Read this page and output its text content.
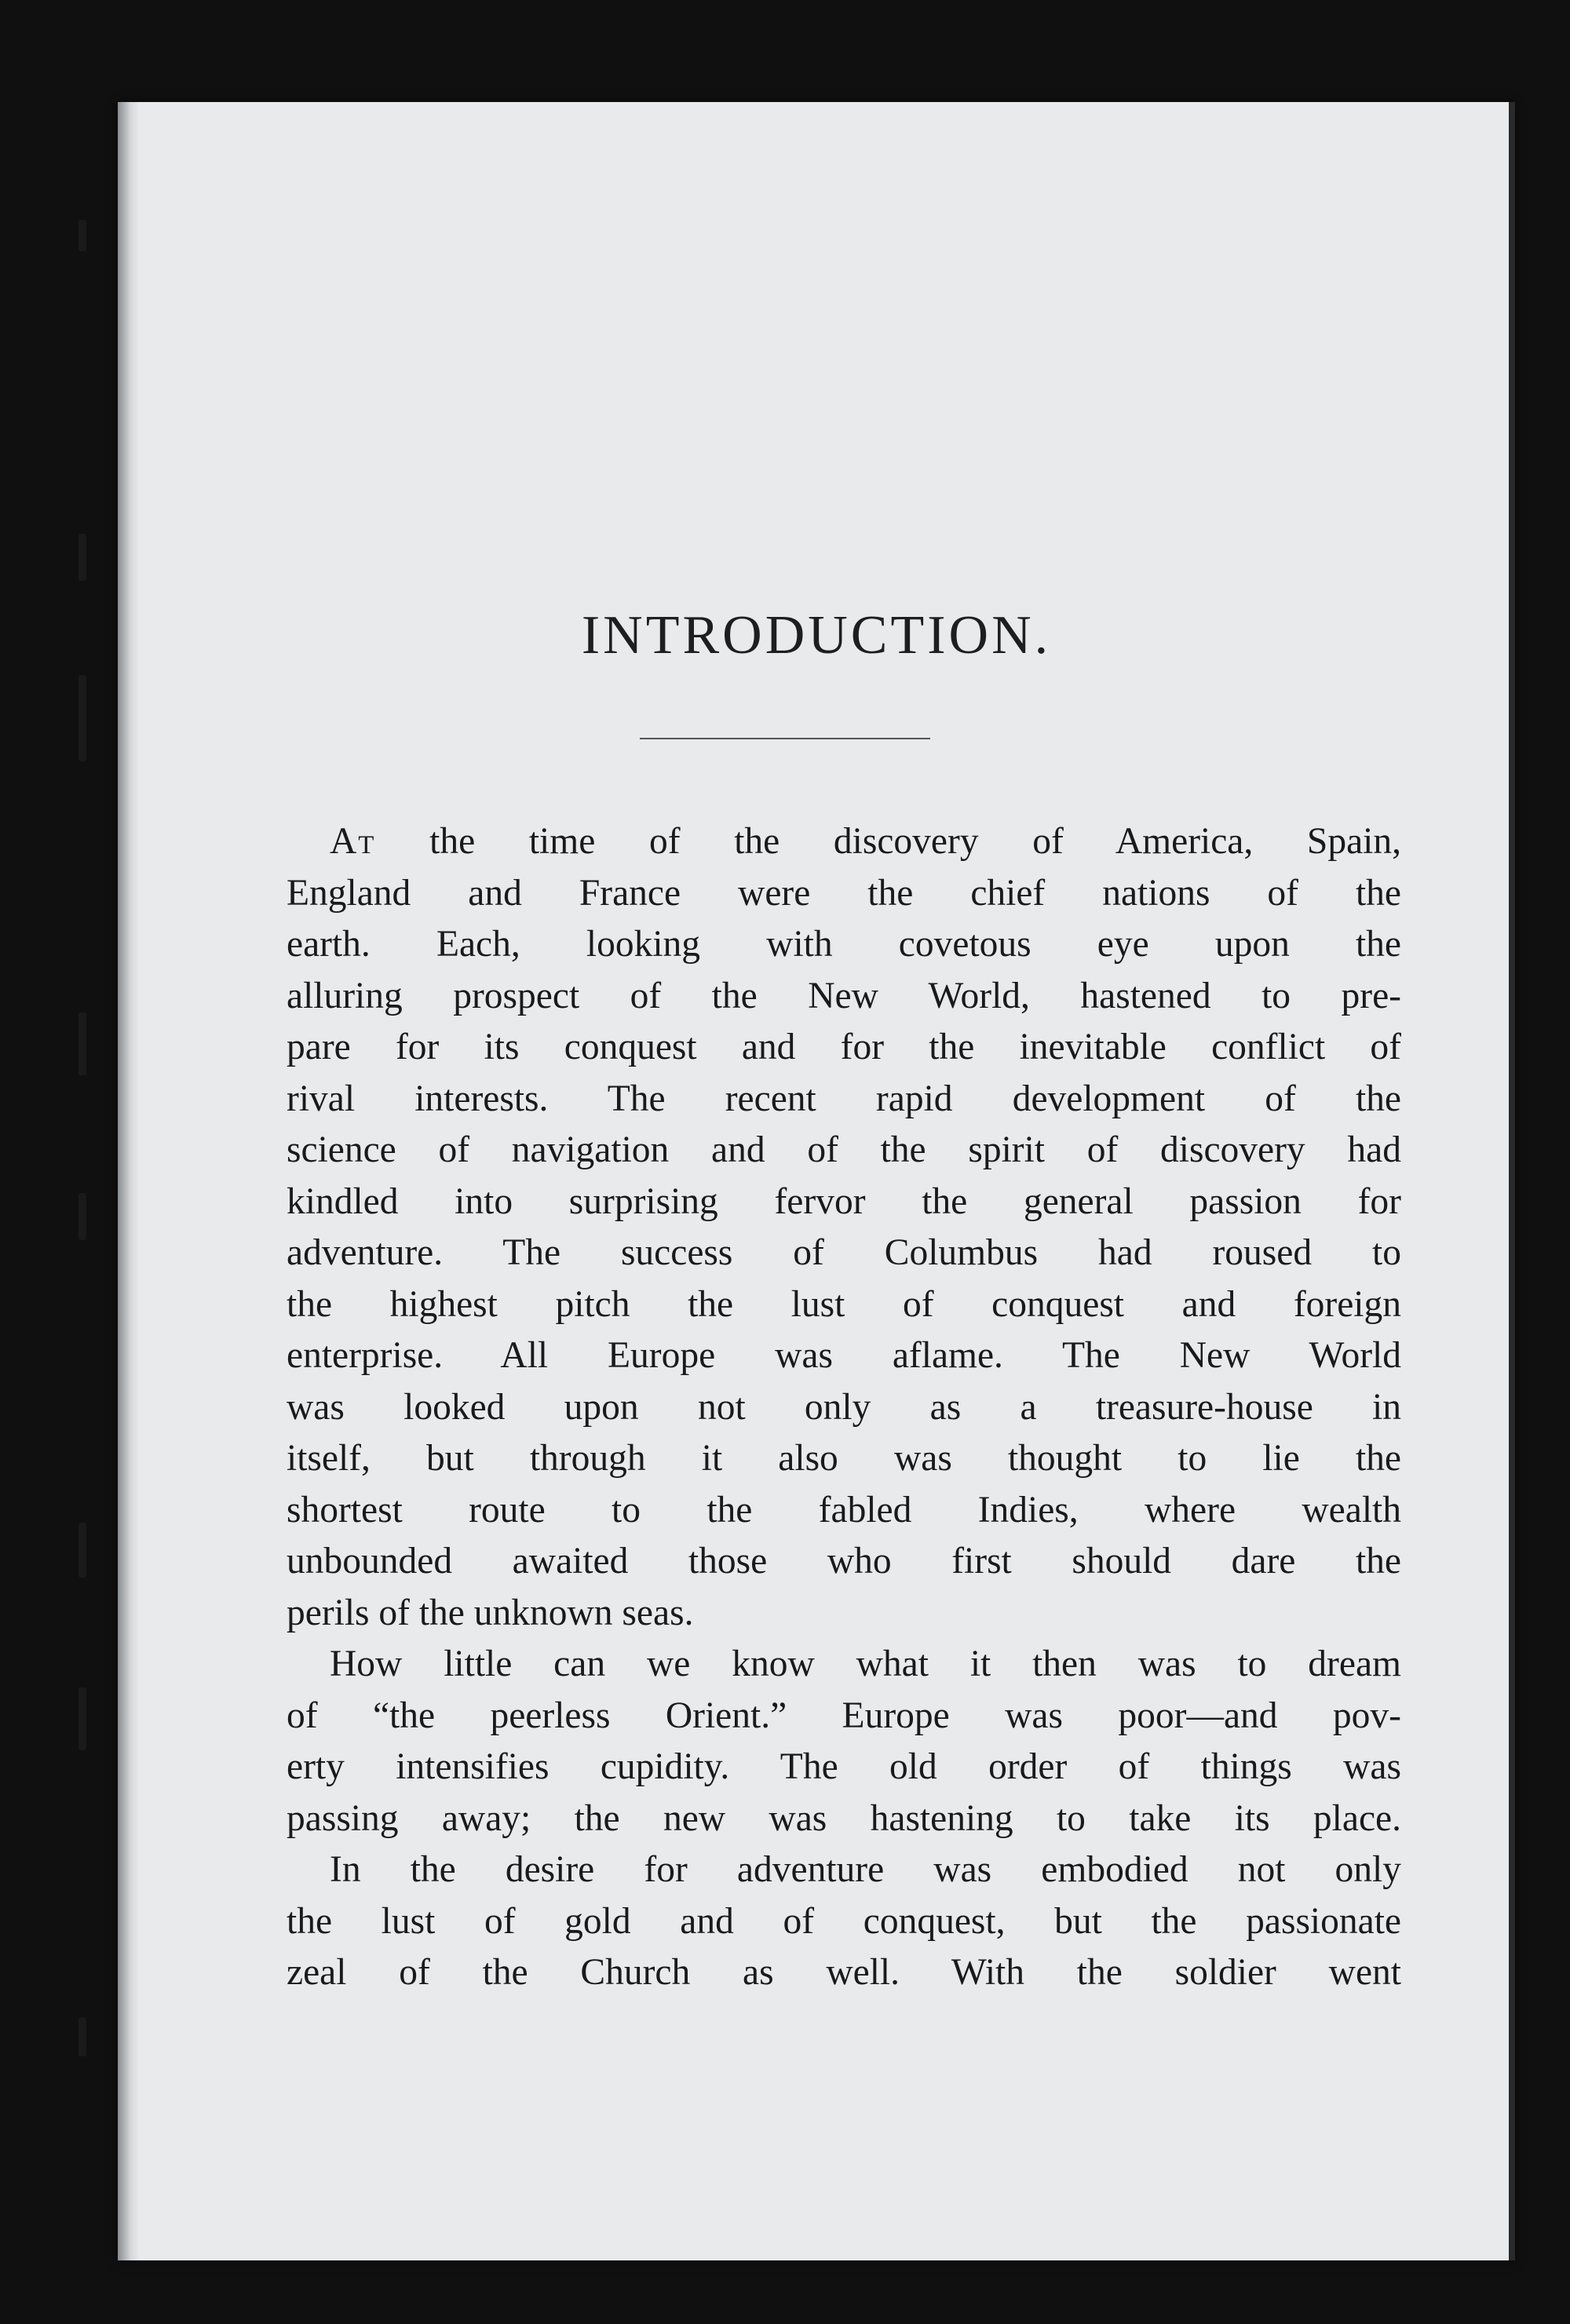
INTRODUCTION.
At the time of the discovery of America, Spain,
England and France were the chief nations of the
earth. Each, looking with covetous eye upon the
alluring prospect of the New World, hastened to pre-
pare for its conquest and for the inevitable conflict of
rival interests. The recent rapid development of the
science of navigation and of the spirit of discovery had
kindled into surprising fervor the general passion for
adventure. The success of Columbus had roused to
the highest pitch the lust of conquest and foreign
enterprise. All Europe was aflame. The New World
was looked upon not only as a treasure-house in
itself, but through it also was thought to lie the
shortest route to the fabled Indies, where wealth
unbounded awaited those who first should dare the
perils of the unknown seas.
How little can we know what it then was to dream
of “the peerless Orient.” Europe was poor—and pov-
erty intensifies cupidity. The old order of things was
passing away; the new was hastening to take its place.
In the desire for adventure was embodied not only
the lust of gold and of conquest, but the passionate
zeal of the Church as well. With the soldier went
